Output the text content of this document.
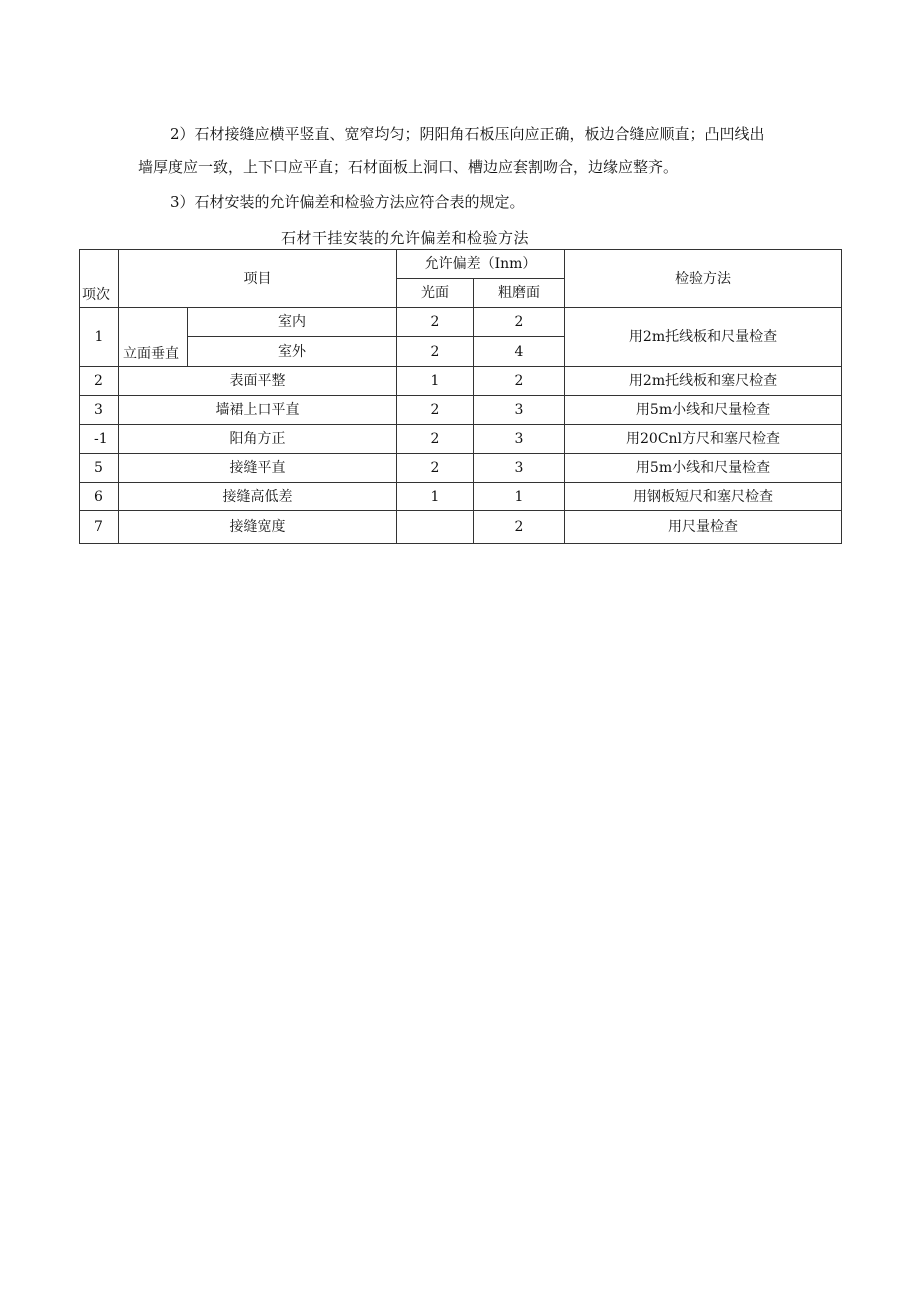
2）石材接缝应横平竖直、宽窄均匀；阴阳角石板压向应正确，板边合缝应顺直；凸凹线出
墙厚度应一致，上下口应平直；石材面板上洞口、槽边应套割吻合，边缘应整齐。
3）石材安装的允许偏差和检验方法应符合表的规定。
石材干挂安装的允许偏差和检验方法
项次	项目		允许偏差（Inm）		检验方法
			光面	粗磨面	
1	立面垂直	室内	2	2	用2m托线板和尺量检查
		室外	2	4	
2	表面平整		1	2	用2m托线板和塞尺检查
3	墙裙上口平直		2	3	用5m小线和尺量检查
-1	阳角方正		2	3	用20Cnl方尺和塞尺检查
5	接缝平直		2	3	用5m小线和尺量检查
6	接缝高低差		1	1	用钢板短尺和塞尺检查
7	接缝宽度			2	用尺量检查
